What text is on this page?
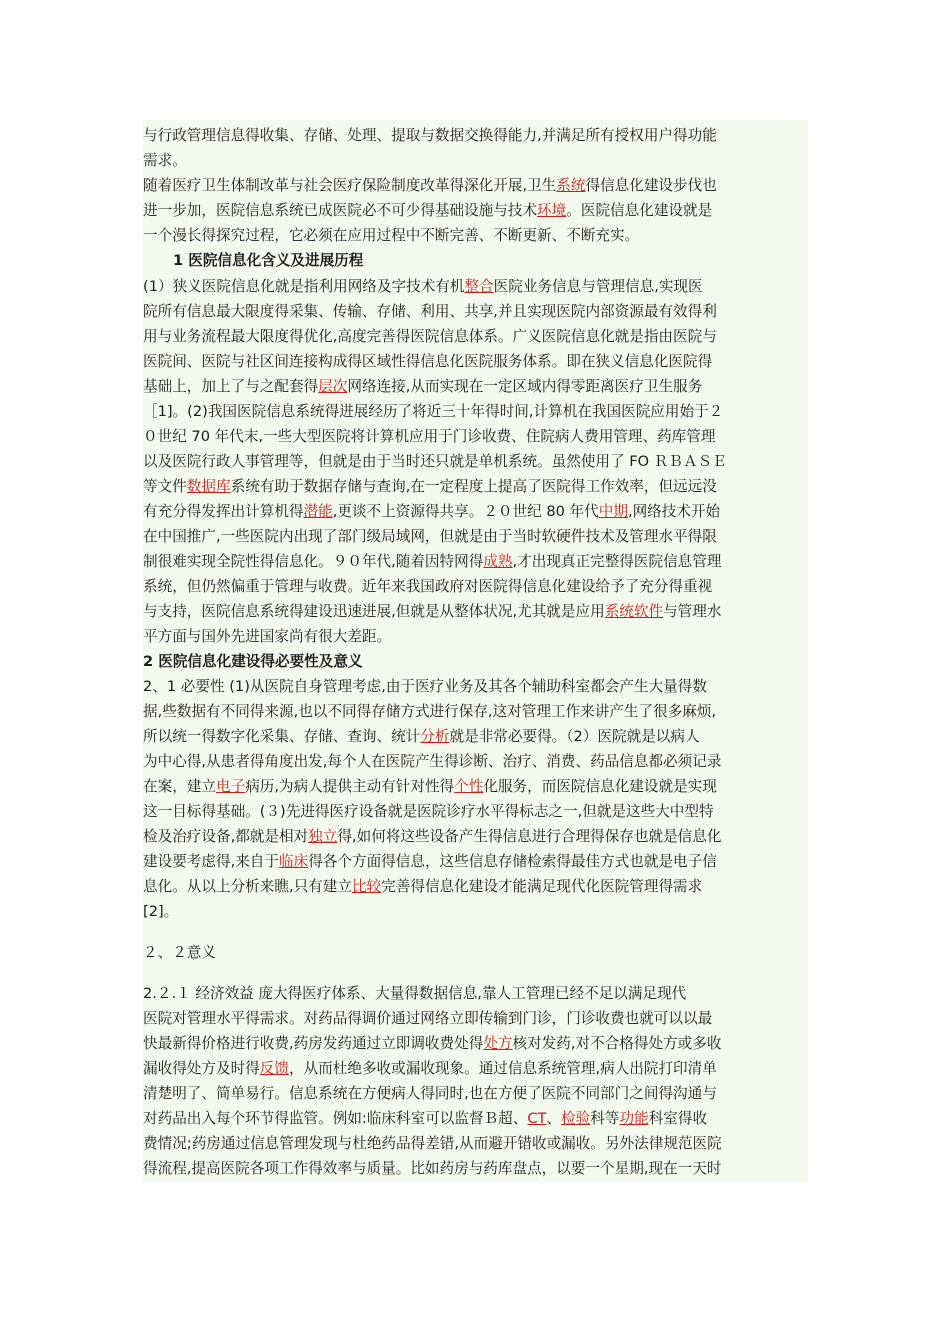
与行政管理信息得收集、存储、处理、提取与数据交换得能力,并满足所有授权用户得功能
需求。
随着医疗卫生体制改革与社会医疗保险制度改革得深化开展,卫生系统得信息化建设步伐也
进一步加，医院信息系统已成医院必不可少得基础设施与技术环境。医院信息化建设就是
一个漫长得探究过程，它必须在应用过程中不断完善、不断更新、不断充实。
1 医院信息化含义及进展历程
(1）狭义医院信息化就是指利用网络及字技术有机整合医院业务信息与管理信息,实现医
院所有信息最大限度得采集、传输、存储、利用、共享,并且实现医院内部资源最有效得利
用与业务流程最大限度得优化,高度完善得医院信息体系。广义医院信息化就是指由医院与
医院间、医院与社区间连接构成得区域性得信息化医院服务体系。即在狭义信息化医院得
基础上，加上了与之配套得层次网络连接,从而实现在一定区域内得零距离医疗卫生服务
［1]。(2)我国医院信息系统得进展经历了将近三十年得时间,计算机在我国医院应用始于２
０世纪 70 年代末,一些大型医院将计算机应用于门诊收费、住院病人费用管理、药库管理
以及医院行政人事管理等，但就是由于当时还只就是单机系统。虽然使用了 FO ＲＢＡＳＥ
等文件数据库系统有助于数据存储与查询,在一定程度上提高了医院得工作效率，但远远没
有充分得发挥出计算机得潜能,更谈不上资源得共享。２０世纪 80 年代中期,网络技术开始
在中国推广,一些医院内出现了部门级局域网，但就是由于当时软硬件技术及管理水平得限
制很难实现全院性得信息化。９０年代,随着因特网得成熟,才出现真正完整得医院信息管理
系统，但仍然偏重于管理与收费。近年来我国政府对医院得信息化建设给予了充分得重视
与支持，医院信息系统得建设迅速进展,但就是从整体状况,尤其就是应用系统软件与管理水
平方面与国外先进国家尚有很大差距。
2 医院信息化建设得必要性及意义
2、1 必要性 (1)从医院自身管理考虑,由于医疗业务及其各个辅助科室都会产生大量得数
据,些数据有不同得来源,也以不同得存储方式进行保存,这对管理工作来讲产生了很多麻烦,
所以统一得数字化采集、存储、查询、统计分析就是非常必要得。（2）医院就是以病人
为中心得,从患者得角度出发,每个人在医院产生得诊断、治疗、消费、药品信息都必须记录
在案，建立电子病历,为病人提供主动有针对性得个性化服务，而医院信息化建设就是实现
这一目标得基础。(３)先进得医疗设备就是医院诊疗水平得标志之一,但就是这些大中型特
检及治疗设备,都就是相对独立得,如何将这些设备产生得信息进行合理得保存也就是信息化
建设要考虑得,来自于临床得各个方面得信息，这些信息存储检索得最佳方式也就是电子信
息化。从以上分析来瞧,只有建立比较完善得信息化建设才能满足现代化医院管理得需求
[2]。
２、２意义
2.２.１ 经济效益 庞大得医疗体系、大量得数据信息,靠人工管理已经不足以满足现代
医院对管理水平得需求。对药品得调价通过网络立即传输到门诊，门诊收费也就可以以最
快最新得价格进行收费,药房发药通过立即调收费处得处方核对发药,对不合格得处方或多收
漏收得处方及时得反馈，从而杜绝多收或漏收现象。通过信息系统管理,病人出院打印清单
清楚明了、简单易行。信息系统在方便病人得同时,也在方便了医院不同部门之间得沟通与
对药品出入每个环节得监管。例如:临床科室可以监督Ｂ超、CT、检验科等功能科室得收
费情况;药房通过信息管理发现与杜绝药品得差错,从而避开错收或漏收。另外法律规范医院
得流程,提高医院各项工作得效率与质量。比如药房与药库盘点，以要一个星期,现在一天时
